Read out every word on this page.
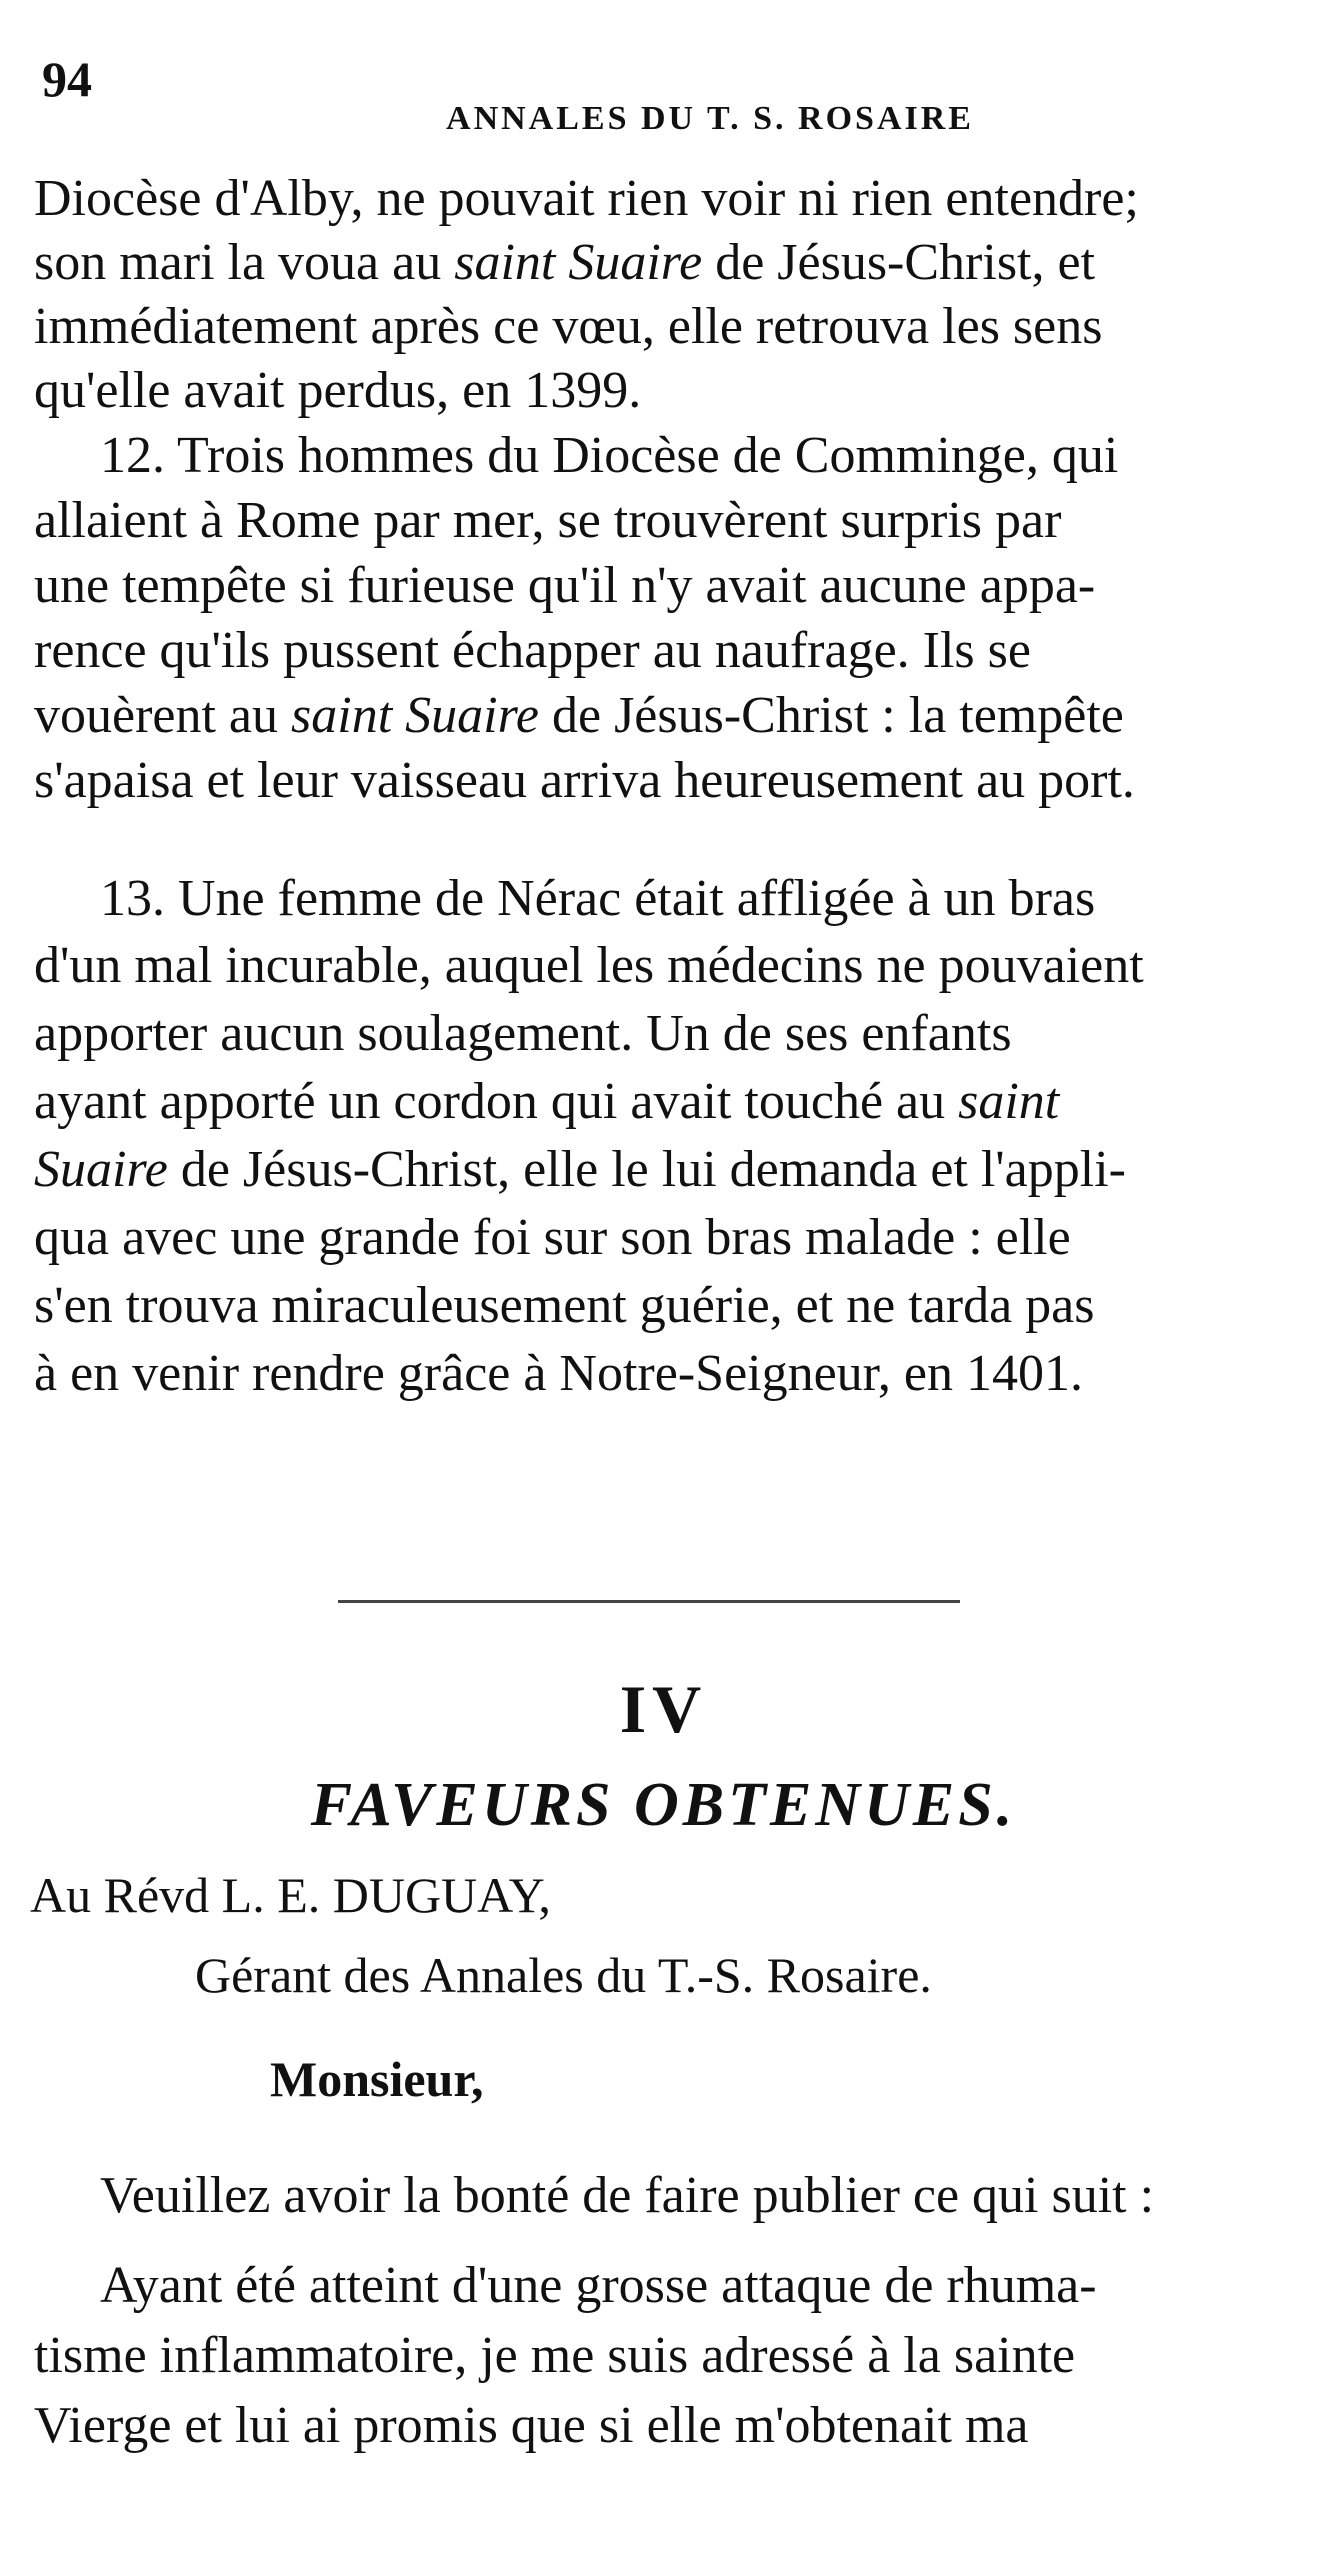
94
ANNALES DU T. S. ROSAIRE
Diocèse d'Alby, ne pouvait rien voir ni rien entendre;
son mari la voua au saint Suaire de Jésus-Christ, et
immédiatement après ce vœu, elle retrouva les sens
qu'elle avait perdus, en 1399.
12. Trois hommes du Diocèse de Comminge, qui
allaient à Rome par mer, se trouvèrent surpris par
une tempête si furieuse qu'il n'y avait aucune appa-
rence qu'ils pussent échapper au naufrage. Ils se
vouèrent au saint Suaire de Jésus-Christ : la tempête
s'apaisa et leur vaisseau arriva heureusement au port.
13. Une femme de Nérac était affligée à un bras
d'un mal incurable, auquel les médecins ne pouvaient
apporter aucun soulagement. Un de ses enfants
ayant apporté un cordon qui avait touché au saint
Suaire de Jésus-Christ, elle le lui demanda et l'appli-
qua avec une grande foi sur son bras malade : elle
s'en trouva miraculeusement guérie, et ne tarda pas
à en venir rendre grâce à Notre-Seigneur, en 1401.
IV
FAVEURS OBTENUES.
Au Révd L. E. DUGUAY,
Gérant des Annales du T.-S. Rosaire.
Monsieur,
Veuillez avoir la bonté de faire publier ce qui suit :
Ayant été atteint d'une grosse attaque de rhuma-
tisme inflammatoire, je me suis adressé à la sainte
Vierge et lui ai promis que si elle m'obtenait ma
